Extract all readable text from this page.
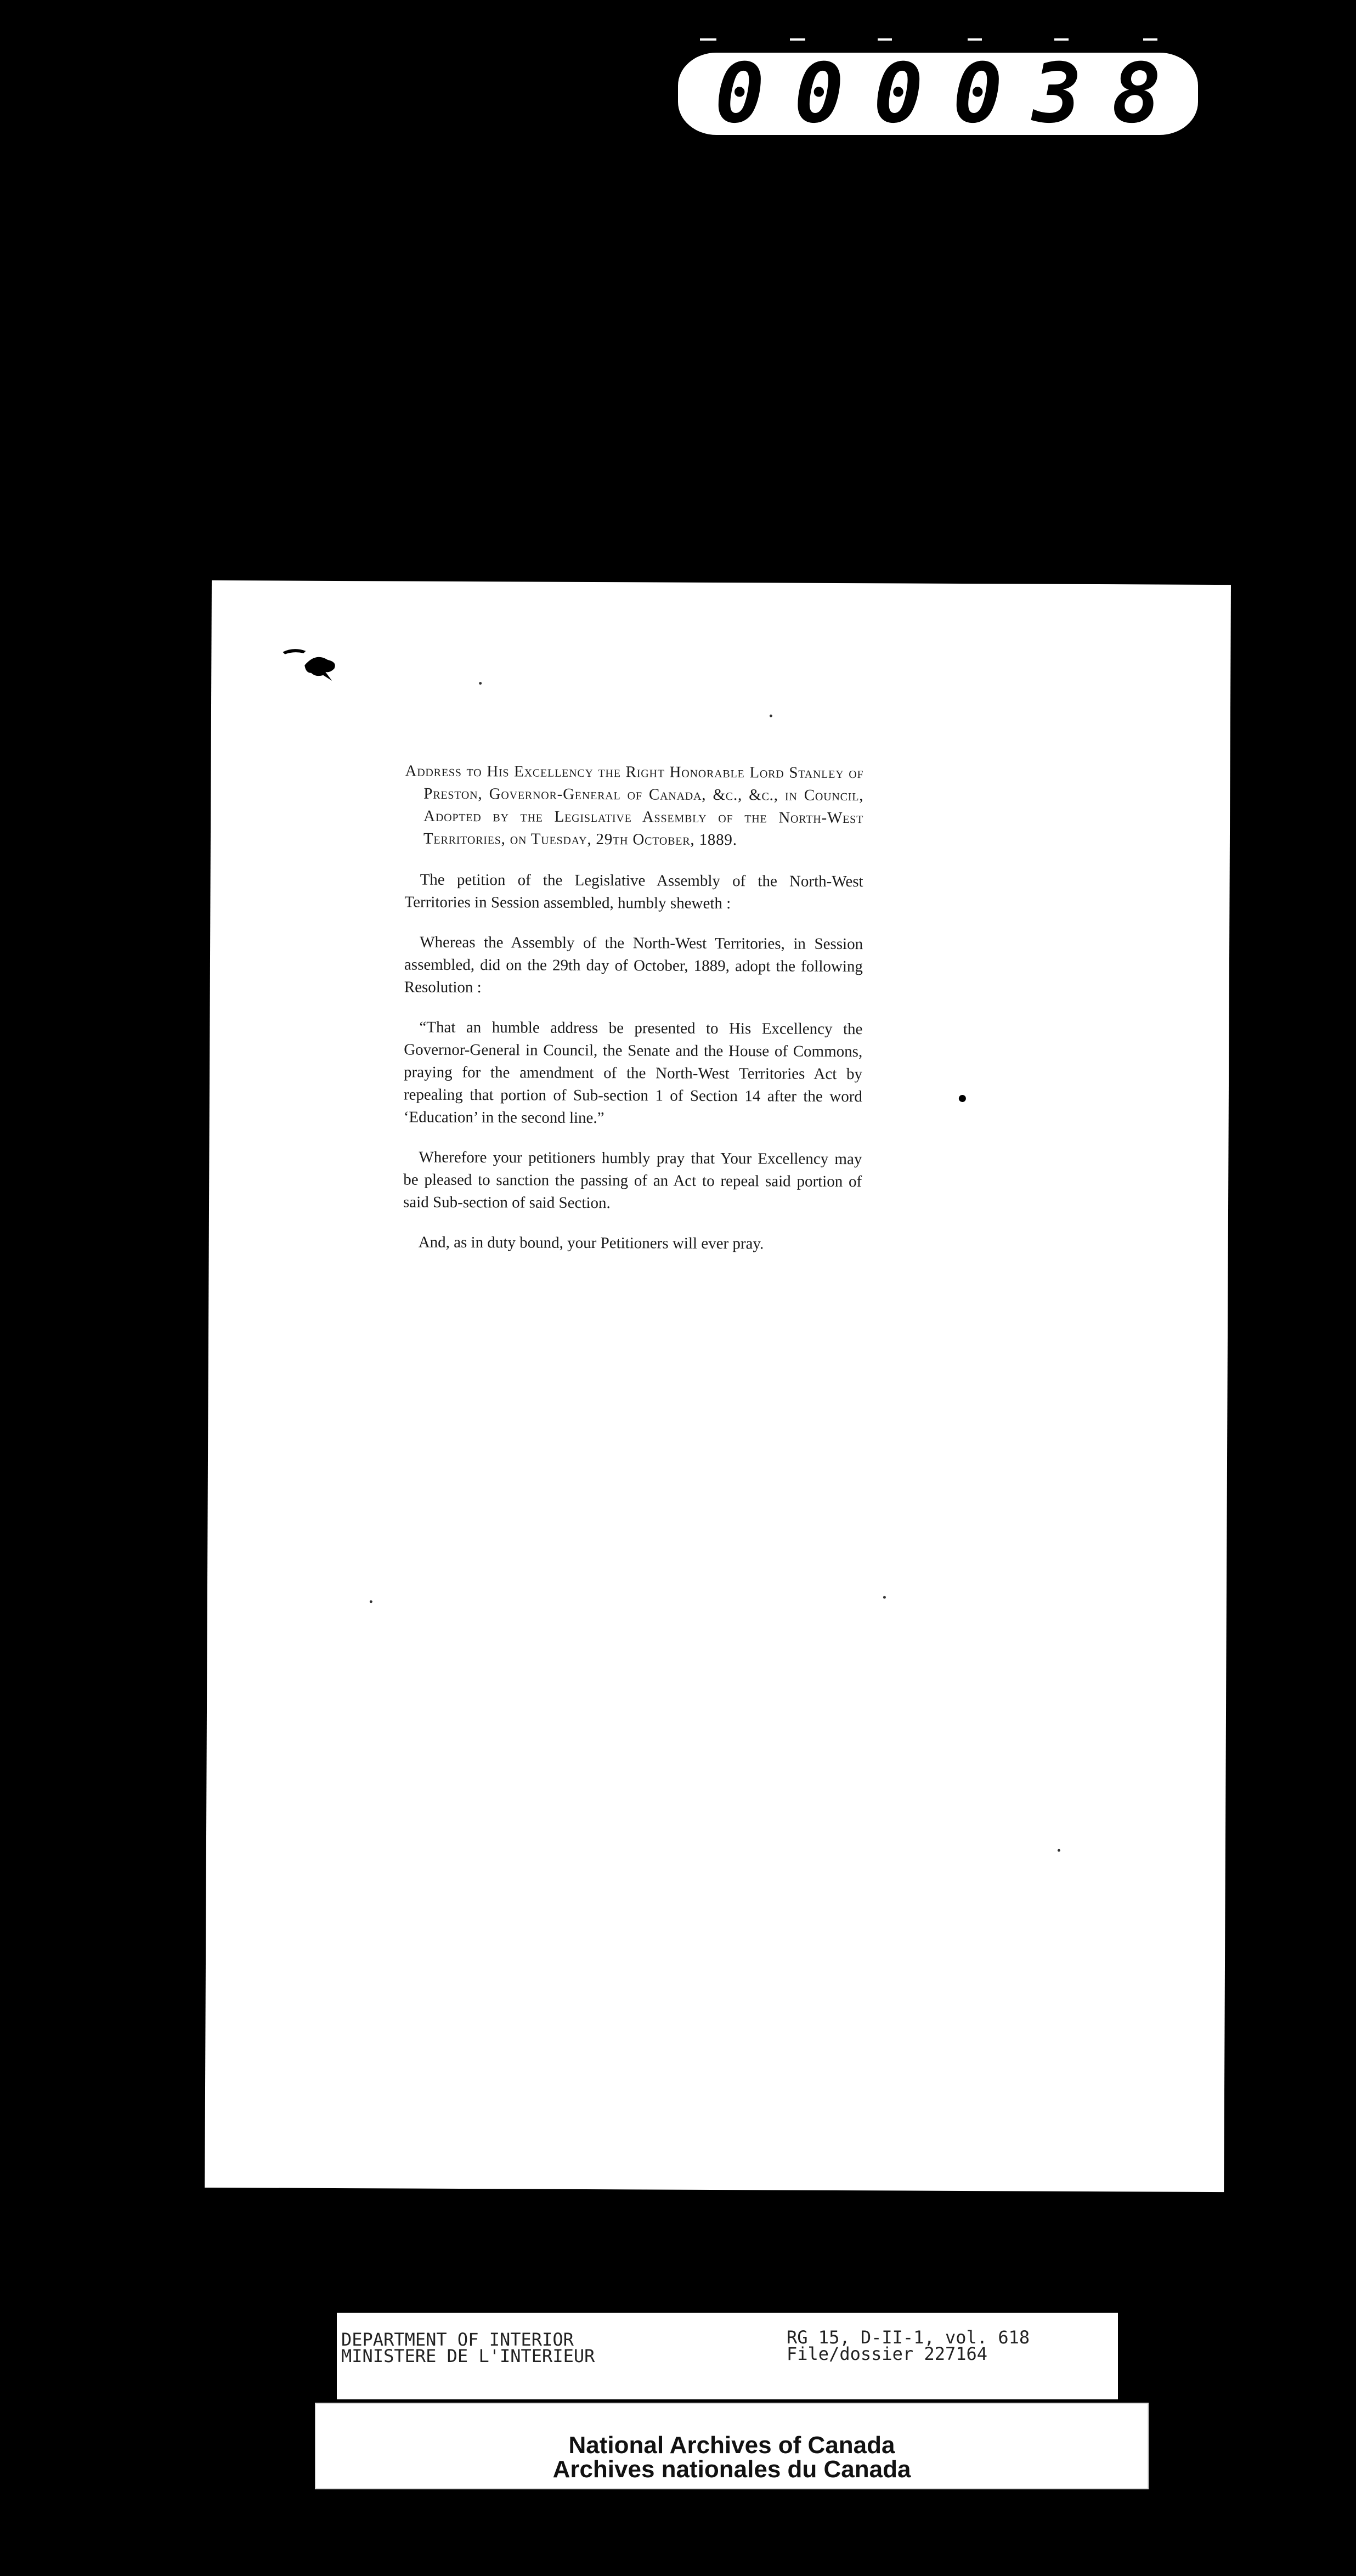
0 0 0 0 3 8

Address to His Excellency the Right Honorable Lord Stanley of Preston, Governor-General of Canada, &c., &c., in Council, Adopted by the Legislative Assembly of the North-West Territories, on Tuesday, 29th October, 1889.

The petition of the Legislative Assembly of the North-West Territories in Session assembled, humbly sheweth :

Whereas the Assembly of the North-West Territories, in Session assembled, did on the 29th day of October, 1889, adopt the following Resolution :

“That an humble address be presented to His Excellency the Governor-General in Council, the Senate and the House of Commons, praying for the amendment of the North-West Territories Act by repealing that portion of Sub-section 1 of Section 14 after the word ‘Education’ in the second line.”

Wherefore your petitioners humbly pray that Your Excellency may be pleased to sanction the passing of an Act to repeal said portion of said Sub-section of said Section.

And, as in duty bound, your Petitioners will ever pray.

DEPARTMENT OF INTERIOR
MINISTERE DE L'INTERIEUR
RG 15, D-II-1, vol. 618
File/dossier 227164
National Archives of Canada
Archives nationales du Canada
